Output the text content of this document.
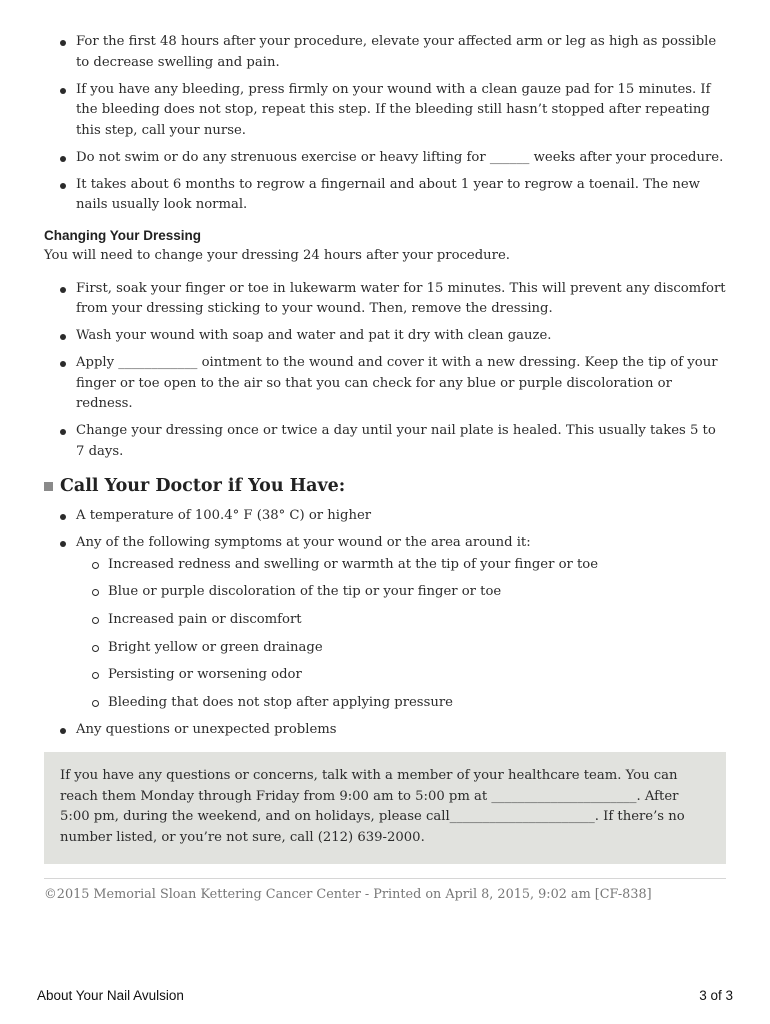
For the first 48 hours after your procedure, elevate your affected arm or leg as high as possible to decrease swelling and pain.
If you have any bleeding, press firmly on your wound with a clean gauze pad for 15 minutes. If the bleeding does not stop, repeat this step. If the bleeding still hasn’t stopped after repeating this step, call your nurse.
Do not swim or do any strenuous exercise or heavy lifting for ______ weeks after your procedure.
It takes about 6 months to regrow a fingernail and about 1 year to regrow a toenail. The new nails usually look normal.
Changing Your Dressing

You will need to change your dressing 24 hours after your procedure.

First, soak your finger or toe in lukewarm water for 15 minutes. This will prevent any discomfort from your dressing sticking to your wound. Then, remove the dressing.
Wash your wound with soap and water and pat it dry with clean gauze.
Apply ____________ ointment to the wound and cover it with a new dressing. Keep the tip of your finger or toe open to the air so that you can check for any blue or purple discoloration or redness.
Change your dressing once or twice a day until your nail plate is healed. This usually takes 5 to 7 days.
Call Your Doctor if You Have:
A temperature of 100.4° F (38° C) or higher
Any of the following symptoms at your wound or the area around it:
Increased redness and swelling or warmth at the tip of your finger or toe
Blue or purple discoloration of the tip or your finger or toe
Increased pain or discomfort
Bright yellow or green drainage
Persisting or worsening odor
Bleeding that does not stop after applying pressure
Any questions or unexpected problems
If you have any questions or concerns, talk with a member of your healthcare team. You can reach them Monday through Friday from 9:00 am to 5:00 pm at ______________________. After 5:00 pm, during the weekend, and on holidays, please call______________________. If there’s no number listed, or you’re not sure, call (212) 639-2000.
©2015 Memorial Sloan Kettering Cancer Center - Printed on April 8, 2015, 9:02 am [CF-838]
About Your Nail Avulsion	3 of 3
